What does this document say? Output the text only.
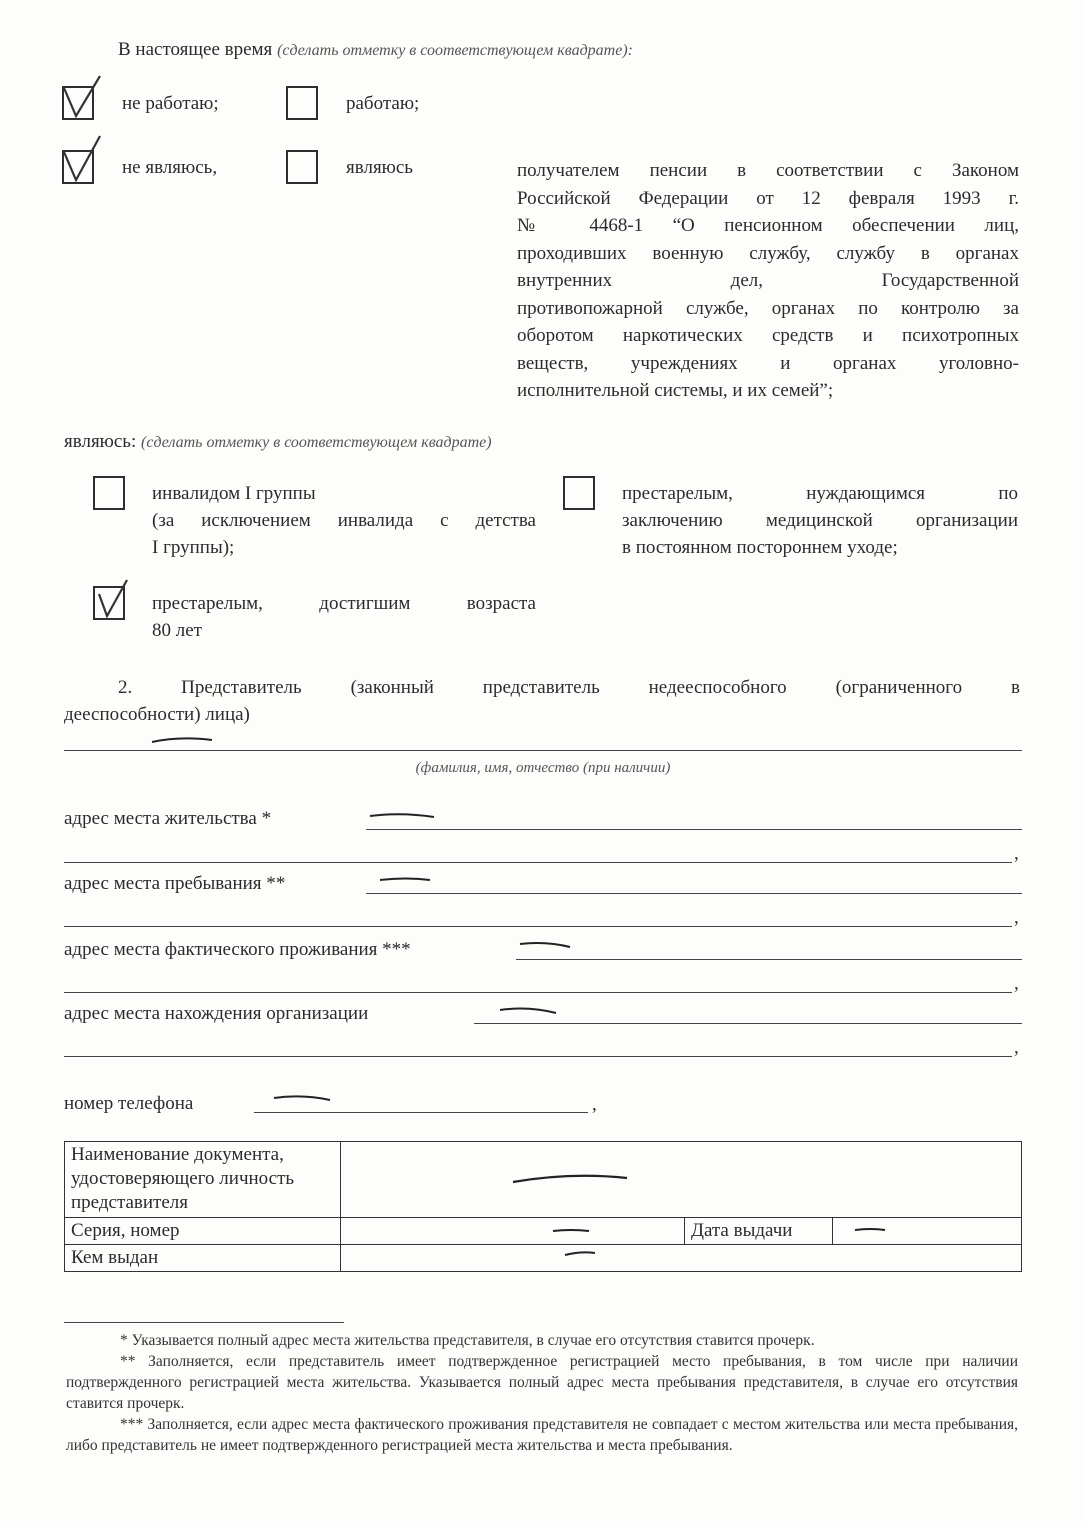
В настоящее время (сделать отметку в соответствующем квадрате):
не работаю;	работаю;
не являюсь,	являюсь	получателем пенсии в соответствии с Законом
Российской Федерации от 12 февраля 1993 г.
№ 4468-1 “О пенсионном обеспечении лиц,
проходивших военную службу, службу в органах
внутренних дел, Государственной
противопожарной службе, органах по контролю за
оборотом наркотических средств и психотропных
веществ, учреждениях и органах уголовно-
исполнительной системы, и их семей”;
являюсь: (сделать отметку в соответствующем квадрате)
инвалидом I группы
(за исключением инвалида с детства
I группы);
престарелым, нуждающимся по
заключению медицинской организации
в постоянном постороннем уходе;
престарелым, достигшим возраста
80 лет
2. Представитель (законный представитель недееспособного (ограниченного в
дееспособности) лица)
(фамилия, имя, отчество (при наличии)
адрес места жительства *
,
адрес места пребывания **
,
адрес места фактического проживания ***
,
адрес места нахождения организации
,
номер телефона	,
Наименование документа, удостоверяющего личность представителя	

Серия, номер		Дата выдачи	

Кем выдан	
* Указывается полный адрес места жительства представителя, в случае его отсутствия ставится прочерк.
** Заполняется, если представитель имеет подтвержденное регистрацией место пребывания, в том числе при наличии подтвержденного регистрацией места жительства. Указывается полный адрес места пребывания представителя, в случае его отсутствия ставится прочерк.
*** Заполняется, если адрес места фактического проживания представителя не совпадает с местом жительства или места пребывания, либо представитель не имеет подтвержденного регистрацией места жительства и места пребывания.
